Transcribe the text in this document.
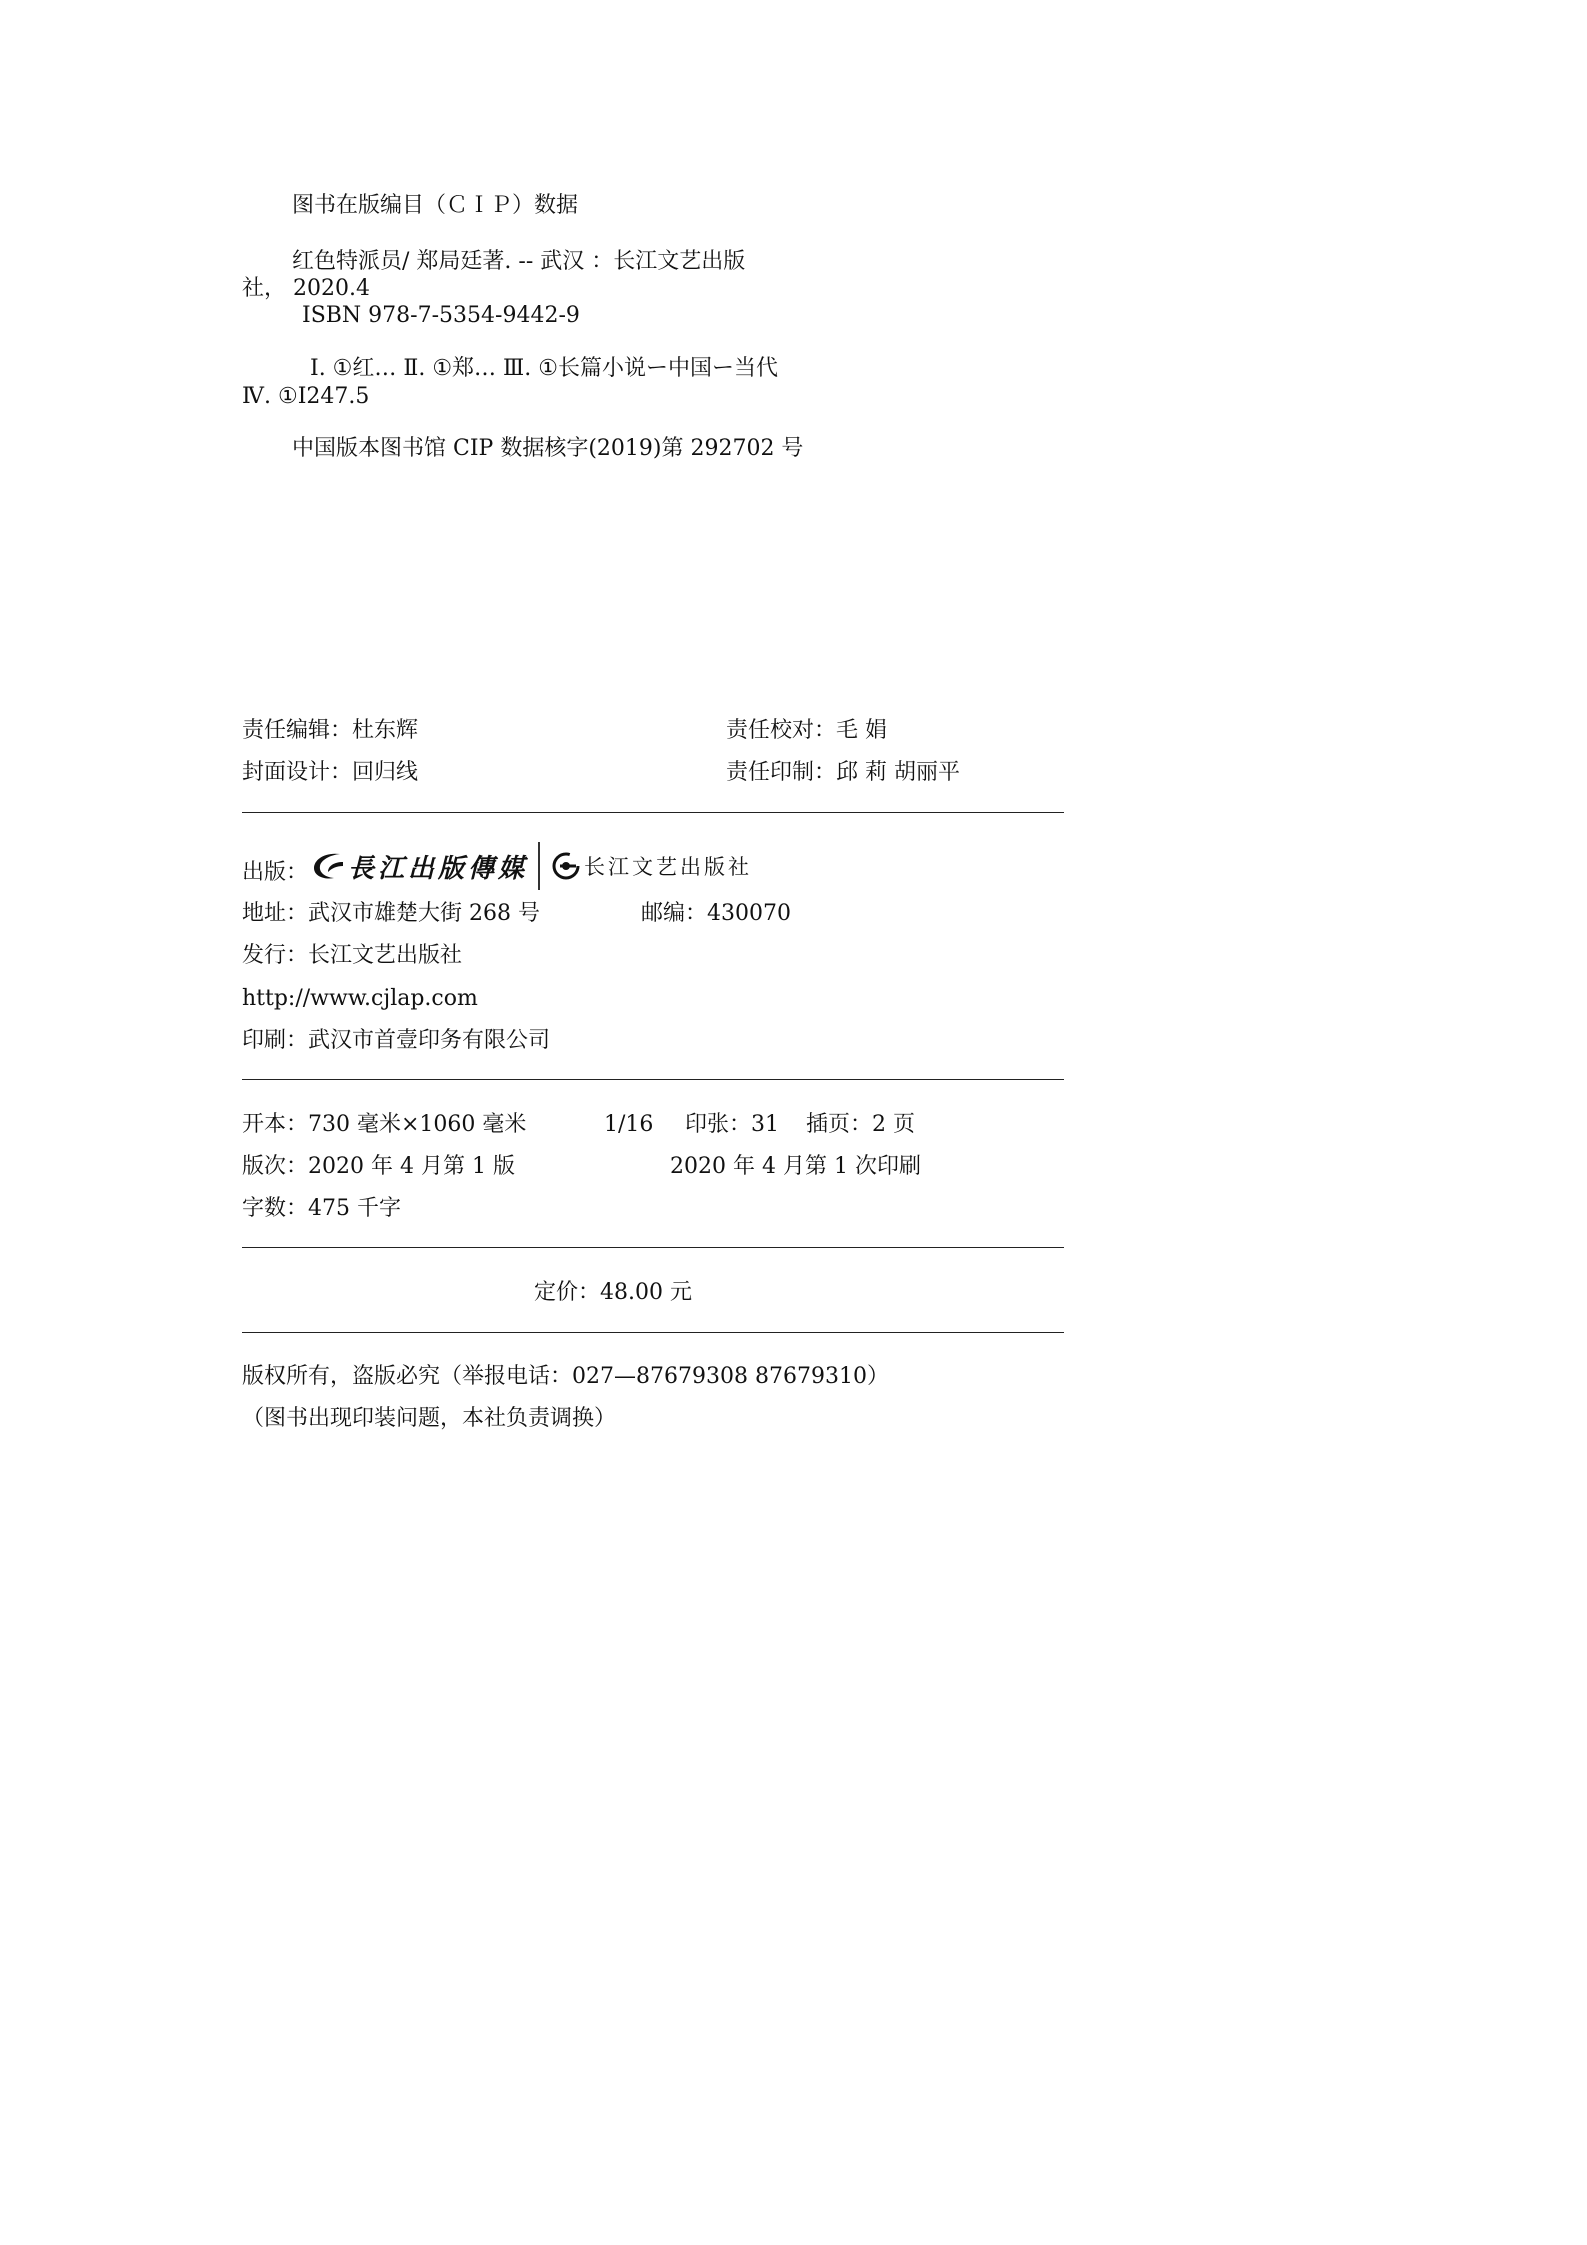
图书在版编目（ＣＩＰ）数据
红色特派员/ 郑局廷著. -- 武汉 ：长江文艺出版
社， 2020.4
ISBN 978-7-5354-9442-9
Ⅰ. ①红… Ⅱ. ①郑… Ⅲ. ①长篇小说ー中国ー当代
Ⅳ. ①I247.5
中国版本图书馆 CIP 数据核字(2019)第 292702 号
责任编辑：杜东辉	责任校对：毛 娟
封面设计：回归线	责任印制：邱 莉 胡丽平
出版： 長江出版傳媒	长江文艺出版社
地址：武汉市雄楚大街 268 号	邮编：430070
发行：长江文艺出版社
http://www.cjlap.com
印刷：武汉市首壹印务有限公司
开本：730 毫米×1060 毫米	1/16 印张：31 插页：2 页
版次：2020 年 4 月第 1 版	2020 年 4 月第 1 次印刷
字数：475 千字
定价：48.00 元
版权所有，盗版必究（举报电话：027—87679308 87679310）
（图书出现印装问题，本社负责调换）
